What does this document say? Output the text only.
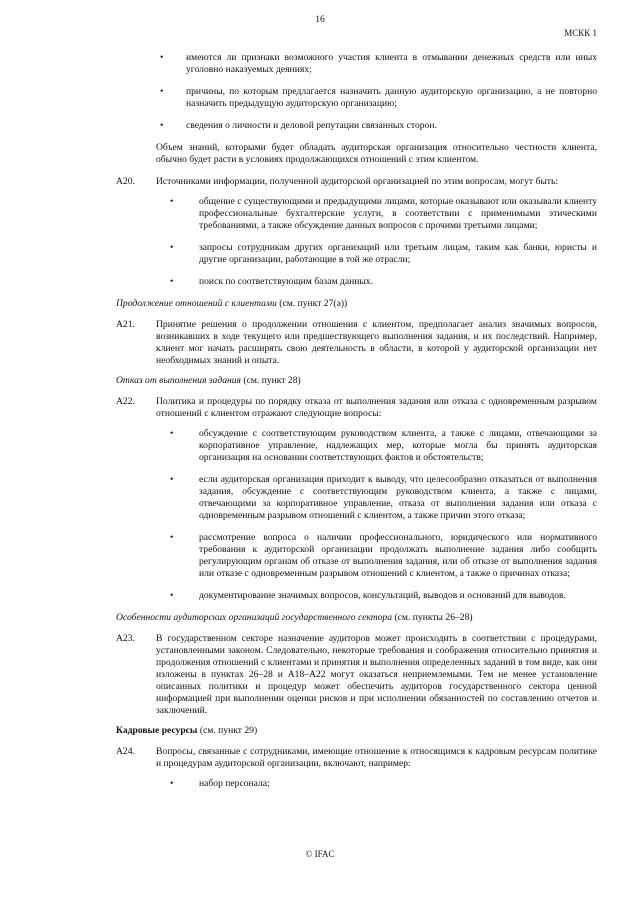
16
МСКК 1
• имеются ли признаки возможного участия клиента в отмывании денежных средств или иных уголовно наказуемых деяниях;
• причины, по которым предлагается назначить данную аудиторскую организацию, а не повторно назначить предыдущую аудиторскую организацию;
• сведения о личности и деловой репутации связанных сторон.

Объем знаний, которыми будет обладать аудиторская организация относительно честности клиента, обычно будет расти в условиях продолжающихся отношений с этим клиентом.

A20. Источниками информации, полученной аудиторской организацией по этим вопросам, могут быть:
•	общение с существующими и предыдущими лицами, которые оказывают или оказывали клиенту профессиональные бухгалтерские услуги, в соответствии с применимыми этическими требованиями, а также обсуждение данных вопросов с прочими третьими лицами;
•	запросы сотрудникам других организаций или третьим лицам, таким как банки, юристы и другие организации, работающие в той же отрасли;
•	поиск по соответствующим базам данных.
Продолжение отношений с клиентами (см. пункт 27(a))
A21. Принятие решения о продолжении отношения с клиентом, предполагает анализ значимых вопросов, возникавших в ходе текущего или предшествующего выполнения задания, и их последствий. Например, клиент мог начать расширять свою деятельность в области, в которой у аудиторской организации нет необходимых знаний и опыта.
Отказ от выполнения задания (см. пункт 28)
A22. Политика и процедуры по порядку отказа от выполнения задания или отказа с одновременным разрывом отношений с клиентом отражают следующие вопросы:
•	обсуждение с соответствующим руководством клиента, а также с лицами, отвечающими за корпоративное управление, надлежащих мер, которые могла бы принять аудиторская организация на основании соответствующих фактов и обстоятельств;
•	если аудиторская организация приходит к выводу, что целесообразно отказаться от выполнения задания, обсуждение с соответствующим руководством клиента, а также с лицами, отвечающими за корпоративное управление, отказа от выполнения задания или отказа с одновременным разрывом отношений с клиентом, а также причин этого отказа;
•	рассмотрение вопроса о наличии профессионального, юридического или нормативного требования к аудиторской организации продолжать выполнение задания либо сообщить регулирующим органам об отказе от выполнения задания, или об отказе от выполнения задания или отказе с одновременным разрывом отношений с клиентом, а также о причинах отказа;
•	документирование значимых вопросов, консультаций, выводов и оснований для выводов.
Особенности аудиторских организаций государственного сектора (см. пункты 26–28)
A23. В государственном секторе назначение аудиторов может происходить в соответствии с процедурами, установленными законом. Следовательно, некоторые требования и соображения относительно принятия и продолжения отношений с клиентами и принятия и выполнения определенных заданий в том виде, как они изложены в пунктах 26–28 и A18–A22 могут оказаться неприемлемыми. Тем не менее установление описанных политики и процедур может обеспечить аудиторов государственного сектора ценной информацией при выполнении оценки рисков и при исполнении обязанностей по составлению отчетов и заключений.
Кадровые ресурсы (см. пункт 29)
A24. Вопросы, связанные с сотрудниками, имеющие отношение к относящимся к кадровым ресурсам политике и процедурам аудиторской организации, включают, например:
•	набор персонала;
© IFAC
